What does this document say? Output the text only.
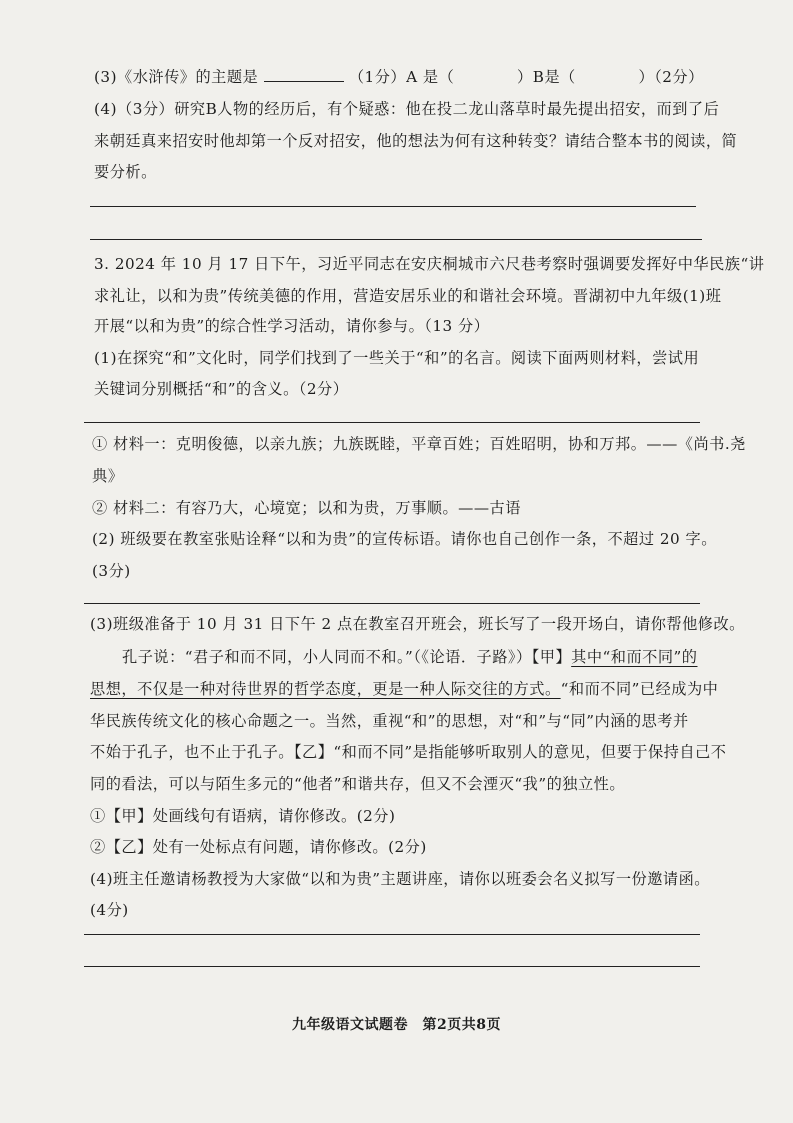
(3)《水浒传》的主题是	（1分）A 是（　　　　）B是（　　　　）（2分）
(4)（3分）研究B人物的经历后，有个疑惑：他在投二龙山落草时最先提出招安，而到了后
来朝廷真来招安时他却第一个反对招安，他的想法为何有这种转变？请结合整本书的阅读，简
要分析。
3. 2024 年 10 月 17 日下午，习近平同志在安庆桐城市六尺巷考察时强调要发挥好中华民族“讲
求礼让，以和为贵”传统美德的作用，营造安居乐业的和谐社会环境。晋湖初中九年级(1)班
开展“以和为贵”的综合性学习活动，请你参与。（13 分）
(1)在探究“和”文化时，同学们找到了一些关于“和”的名言。阅读下面两则材料，尝试用
关键词分别概括“和”的含义。（2分）
① 材料一：克明俊德，以亲九族；九族既睦，平章百姓；百姓昭明，协和万邦。——《尚书.尧
典》
② 材料二：有容乃大，心境宽；以和为贵，万事顺。——古语
(2) 班级要在教室张贴诠释“以和为贵”的宣传标语。请你也自己创作一条，不超过 20 字。
(3分)
(3)班级准备于 10 月 31 日下午 2 点在教室召开班会，班长写了一段开场白，请你帮他修改。
孔子说：“君子和而不同，小人同而不和。”（《论语．子路》）【甲】其中“和而不同”的
思想，不仅是一种对待世界的哲学态度，更是一种人际交往的方式。“和而不同”已经成为中
华民族传统文化的核心命题之一。当然，重视“和”的思想，对“和”与“同”内涵的思考并
不始于孔子，也不止于孔子。【乙】“和而不同”是指能够听取别人的意见，但要于保持自己不
同的看法，可以与陌生多元的“他者”和谐共存，但又不会湮灭“我”的独立性。
①【甲】处画线句有语病，请你修改。(2分)
②【乙】处有一处标点有问题，请你修改。(2分)
(4)班主任邀请杨教授为大家做“以和为贵”主题讲座，请你以班委会名义拟写一份邀请函。
(4分)
九年级语文试题卷　第2页共8页
